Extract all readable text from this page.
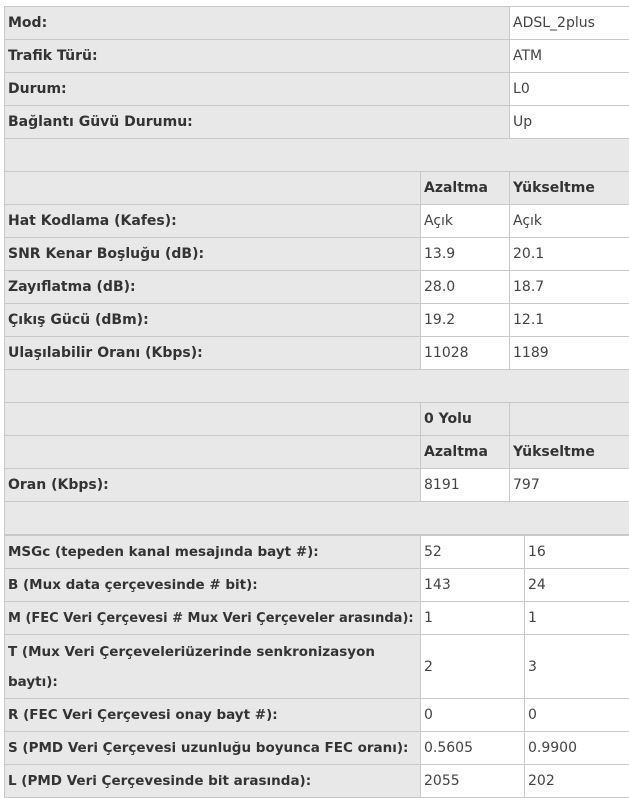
Mod:		ADSL_2plus
Trafik Türü:		ATM
Durum:		L0
Bağlantı Güvü Durumu:		Up

	Azaltma	Yükseltme
Hat Kodlama (Kafes):	Açık	Açık
SNR Kenar Boşluğu (dB):	13.9	20.1
Zayıflatma (dB):	28.0	18.7
Çıkış Gücü (dBm):	19.2	12.1
Ulaşılabilir Oranı (Kbps):	11028	1189

	0 Yolu	
	Azaltma	Yükseltme
Oran (Kbps):	8191	797

MSGc (tepeden kanal mesajında bayt #):	52	16
B (Mux data çerçevesinde # bit):	143	24
M (FEC Veri Çerçevesi # Mux Veri Çerçeveler arasında):	1	1
T (Mux Veri Çerçeveleriüzerinde senkronizasyon baytı):	2	3
R (FEC Veri Çerçevesi onay bayt #):	0	0
S (PMD Veri Çerçevesi uzunluğu boyunca FEC oranı):	0.5605	0.9900
L (PMD Veri Çerçevesinde bit arasında):	2055	202
